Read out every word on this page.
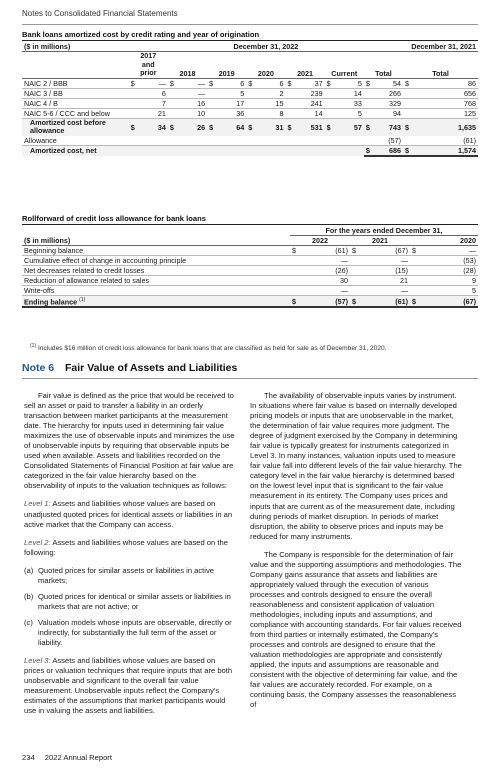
Notes to Consolidated Financial Statements
Bank loans amortized cost by credit rating and year of origination
($ in millions)	December 31, 2022														December 31, 2021	
	2017
and
prior		2018		2019		2020		2021		Current		Total		Total	
NAIC 2 / BBB	$	—	$	—	$	6	$	6	$	37	$	5	$	54	$	86
NAIC 3 / BB		6		—		5		2		239		14		266		656
NAIC 4 / B		7		16		17		15		241		33		329		768
NAIC 5-6 / CCC and below		21		10		36		8		14		5		94		125
Amortized cost before allowance	$	34	$	26	$	64	$	31	$	531	$	57	$	743	$	1,635
Allowance														(57)		(61)
Amortized cost, net													$	686	$	1,574
Rollforward of credit loss allowance for bank loans
	For the years ended December 31,					
($ in millions)	2022		2021		2020	
Beginning balance	$	(61)	$	(67)	$	—
Cumulative effect of change in accounting principle		—		—		(53)
Net decreases related to credit losses		(26)		(15)		(28)
Reduction of allowance related to sales		30		21		9
Write-offs		—		—		5
Ending balance $^{(1)}$	$	(57)	$	(61)	$	(67)
$^{(1)}$ Includes $16 million of credit loss allowance for bank loans that are classified as held for sale as of December 31, 2020.
Note 6 Fair Value of Assets and Liabilities

Fair value is defined as the price that would be received to sell an asset or paid to transfer a liability in an orderly transaction between market participants at the measurement date. The hierarchy for inputs used in determining fair value maximizes the use of observable inputs and minimizes the use of unobservable inputs by requiring that observable inputs be used when available. Assets and liabilities recorded on the Consolidated Statements of Financial Position at fair value are categorized in the fair value hierarchy based on the observability of inputs to the valuation techniques as follows:

Level 1: Assets and liabilities whose values are based on unadjusted quoted prices for identical assets or liabilities in an active market that the Company can access.

Level 2: Assets and liabilities whose values are based on the following:

(a) Quoted prices for similar assets or liabilities in active markets;
(b) Quoted prices for identical or similar assets or liabilities in markets that are not active; or
(c) Valuation models whose inputs are observable, directly or indirectly, for substantially the full term of the asset or liability.

Level 3: Assets and liabilities whose values are based on prices or valuation techniques that require inputs that are both unobservable and significant to the overall fair value measurement. Unobservable inputs reflect the Company's estimates of the assumptions that market participants would use in valuing the assets and liabilities.

The availability of observable inputs varies by instrument. In situations where fair value is based on internally developed pricing models or inputs that are unobservable in the market, the determination of fair value requires more judgment. The degree of judgment exercised by the Company in determining fair value is typically greatest for instruments categorized in Level 3. In many instances, valuation inputs used to measure fair value fall into different levels of the fair value hierarchy. The category level in the fair value hierarchy is determined based on the lowest level input that is significant to the fair value measurement in its entirety. The Company uses prices and inputs that are current as of the measurement date, including during periods of market disruption. In periods of market disruption, the ability to observe prices and inputs may be reduced for many instruments.

The Company is responsible for the determination of fair value and the supporting assumptions and methodologies. The Company gains assurance that assets and liabilities are appropriately valued through the execution of various processes and controls designed to ensure the overall reasonableness and consistent application of valuation methodologies, including inputs and assumptions, and compliance with accounting standards. For fair values received from third parties or internally estimated, the Company's processes and controls are designed to ensure that the valuation methodologies are appropriate and consistently applied, the inputs and assumptions are reasonable and consistent with the objective of determining fair value, and the fair values are accurately recorded. For example, on a continuing basis, the Company assesses the reasonableness of

234 2022 Annual Report
